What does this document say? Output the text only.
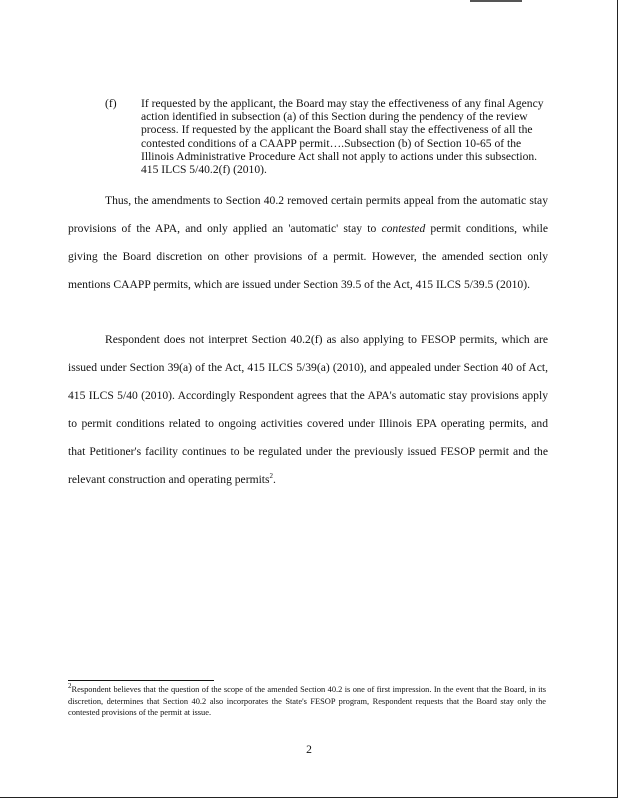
(f) If requested by the applicant, the Board may stay the effectiveness of any final Agency action identified in subsection (a) of this Section during the pendency of the review process. If requested by the applicant the Board shall stay the effectiveness of all the contested conditions of a CAAPP permit….Subsection (b) of Section 10-65 of the Illinois Administrative Procedure Act shall not apply to actions under this subsection. 415 ILCS 5/40.2(f) (2010).

Thus, the amendments to Section 40.2 removed certain permits appeal from the automatic stay provisions of the APA, and only applied an 'automatic' stay to contested permit conditions, while giving the Board discretion on other provisions of a permit. However, the amended section only mentions CAAPP permits, which are issued under Section 39.5 of the Act, 415 ILCS 5/39.5 (2010).

Respondent does not interpret Section 40.2(f) as also applying to FESOP permits, which are issued under Section 39(a) of the Act, 415 ILCS 5/39(a) (2010), and appealed under Section 40 of Act, 415 ILCS 5/40 (2010). Accordingly Respondent agrees that the APA's automatic stay provisions apply to permit conditions related to ongoing activities covered under Illinois EPA operating permits, and that Petitioner's facility continues to be regulated under the previously issued FESOP permit and the relevant construction and operating permits$^2$.

$^2$Respondent believes that the question of the scope of the amended Section 40.2 is one of first impression. In the event that the Board, in its discretion, determines that Section 40.2 also incorporates the State's FESOP program, Respondent requests that the Board stay only the contested provisions of the permit at issue.
2
